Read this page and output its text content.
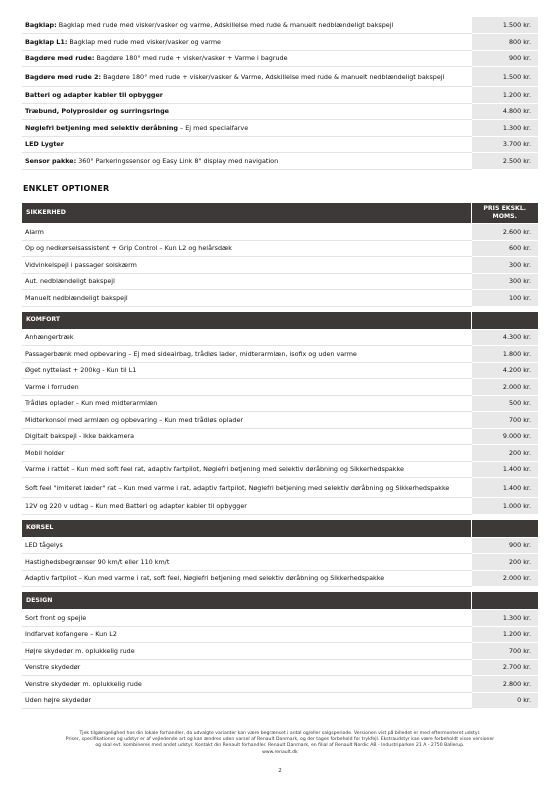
Bagklap: Bagklap med rude med visker/vasker og varme, Adskillelse med rude & manuelt nedblændeligt bakspejl	1.500 kr.
Bagklap L1: Bagklap med rude med visker/vasker og varme	800 kr.
Bagdøre med rude: Bagdøre 180° med rude + visker/vasker + Varme i bagrude	900 kr.
Bagdøre med rude 2: Bagdøre 180° med rude + visker/vasker & Varme, Adskillelse med rude & manuelt nedblændeligt bakspejl	1.500 kr.
Batteri og adapter kabler til opbygger	1.200 kr.
Træbund, Polyprosider og surringsringe	4.800 kr.
Nøglefri betjening med selektiv døråbning – Ej med specialfarve	1.300 kr.
LED Lygter	3.700 kr.
Sensor pakke: 360° Parkeringssensor og Easy Link 8" display med navigation	2.500 kr.
ENKLET OPTIONER
SIKKERHED	PRIS EKSKL.
MOMS.

Alarm	2.600 kr.
Op og nedkørselsassistent + Grip Control – Kun L2 og helårsdæk	600 kr.
Vidvinkelspejl i passager solskærm	300 kr.
Aut. nedblændeligt bakspejl	300 kr.
Manuelt nedblændeligt bakspejl	100 kr.

KOMFORT	
Anhængertræk	4.300 kr.
Passagerbænk med opbevaring – Ej med sideairbag, trådløs lader, midterarmlæn, isofix og uden varme	1.800 kr.
Øget nyttelast + 200kg - Kun til L1	4.200 kr.
Varme i forruden	2.000 kr.
Trådløs oplader – Kun med midterarmlæn	500 kr.
Midterkonsol med armlæn og opbevaring – Kun med trådløs oplader	700 kr.
Digitalt bakspejl - Ikke bakkamera	9.000 kr.
Mobil holder	200 kr.
Varme i rattet – Kun med soft feel rat, adaptiv fartpilot, Nøglefri betjening med selektiv døråbning og Sikkerhedspakke	1.400 kr.
Soft feel "imiteret læder" rat – Kun med varme i rat, adaptiv fartpilot, Nøglefri betjening med selektiv døråbning og Sikkerhedspakke	1.400 kr.
12V og 220 v udtag – Kun med Batteri og adapter kabler til opbygger	1.000 kr.

KØRSEL	
LED tågelys	900 kr.
Hastighedsbegrænser 90 km/t eller 110 km/t	200 kr.
Adaptiv fartpilot – Kun med varme i rat, soft feel, Nøglefri betjening med selektiv døråbning og Sikkerhedspakke	2.000 kr.

DESIGN	
Sort front og spejle	1.300 kr.
Indfarvet kofangere – Kun L2	1.200 kr.
Højre skydedør m. oplukkelig rude	700 kr.
Venstre skydedør	2.700 kr.
Venstre skydedør m. oplukkelig rude	2.800 kr.
Uden højre skydedør	0 kr.
Tjek tilgængelighed hos din lokale forhandler, da udvalgte varianter kan være begrænset i antal og/eller salgsperiode. Versionen vist på billedet er med eftermonteret udstyr.
Priser, specifikationer og udstyr er af vejledende art og kan ændres uden varsel af Renault Danmark, og der tages forbehold for trykfejl. Ekstraudstyr kan være forbeholdt visse versioner
og skal evt. kombineres med andet udstyr. Kontakt din Renault forhandler. Renault Danmark, en filial af Renault Nordic AB - Industriparken 21 A - 2750 Ballerup.
www.renault.dk
2
